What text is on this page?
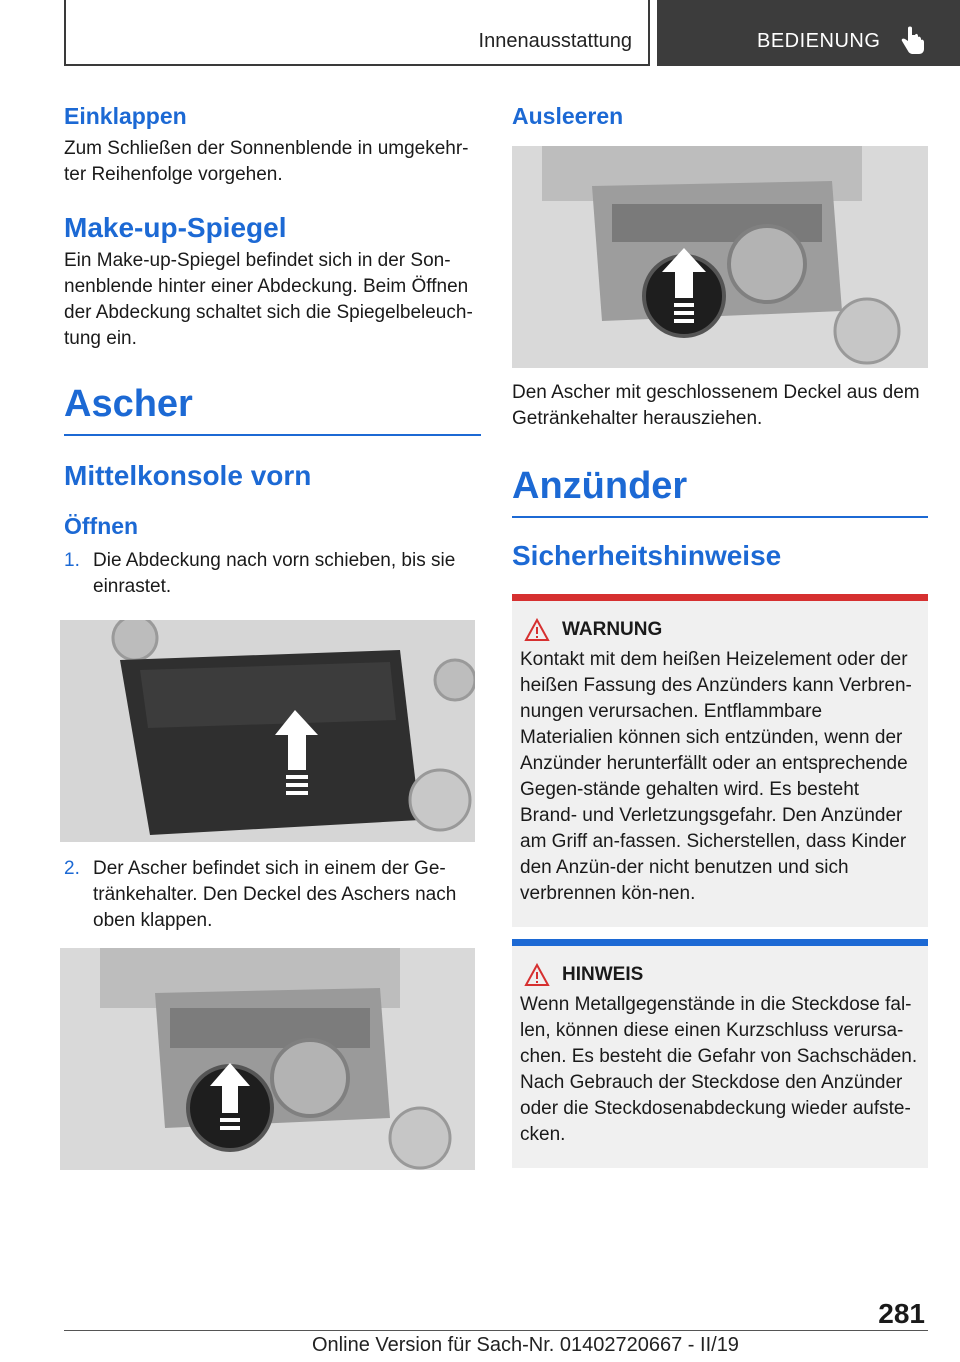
Innenausstattung	BEDIENUNG
Einklappen
Zum Schließen der Sonnenblende in umgekehr-ter Reihenfolge vorgehen.
Make-up-Spiegel
Ein Make-up-Spiegel befindet sich in der Son-nenblende hinter einer Abdeckung. Beim Öffnen der Abdeckung schaltet sich die Spiegelbeleuch-tung ein.
Ascher
Mittelkonsole vorn
Öffnen
1. Die Abdeckung nach vorn schieben, bis sie einrastet.
2. Der Ascher befindet sich in einem der Ge-tränkehalter. Den Deckel des Aschers nach oben klappen.
Ausleeren
Den Ascher mit geschlossenem Deckel aus dem Getränkehalter herausziehen.
Anzünder
Sicherheitshinweise
WARNUNG
Kontakt mit dem heißen Heizelement oder der heißen Fassung des Anzünders kann Verbren-nungen verursachen. Entflammbare Materialien können sich entzünden, wenn der Anzünder herunterfällt oder an entsprechende Gegen-stände gehalten wird. Es besteht Brand- und Verletzungsgefahr. Den Anzünder am Griff an-fassen. Sicherstellen, dass Kinder den Anzün-der nicht benutzen und sich verbrennen kön-nen.
HINWEIS
Wenn Metallgegenstände in die Steckdose fal-len, können diese einen Kurzschluss verursa-chen. Es besteht die Gefahr von Sachschäden. Nach Gebrauch der Steckdose den Anzünder oder die Steckdosenabdeckung wieder aufste-cken.
281
Online Version für Sach-Nr. 01402720667 - II/19
